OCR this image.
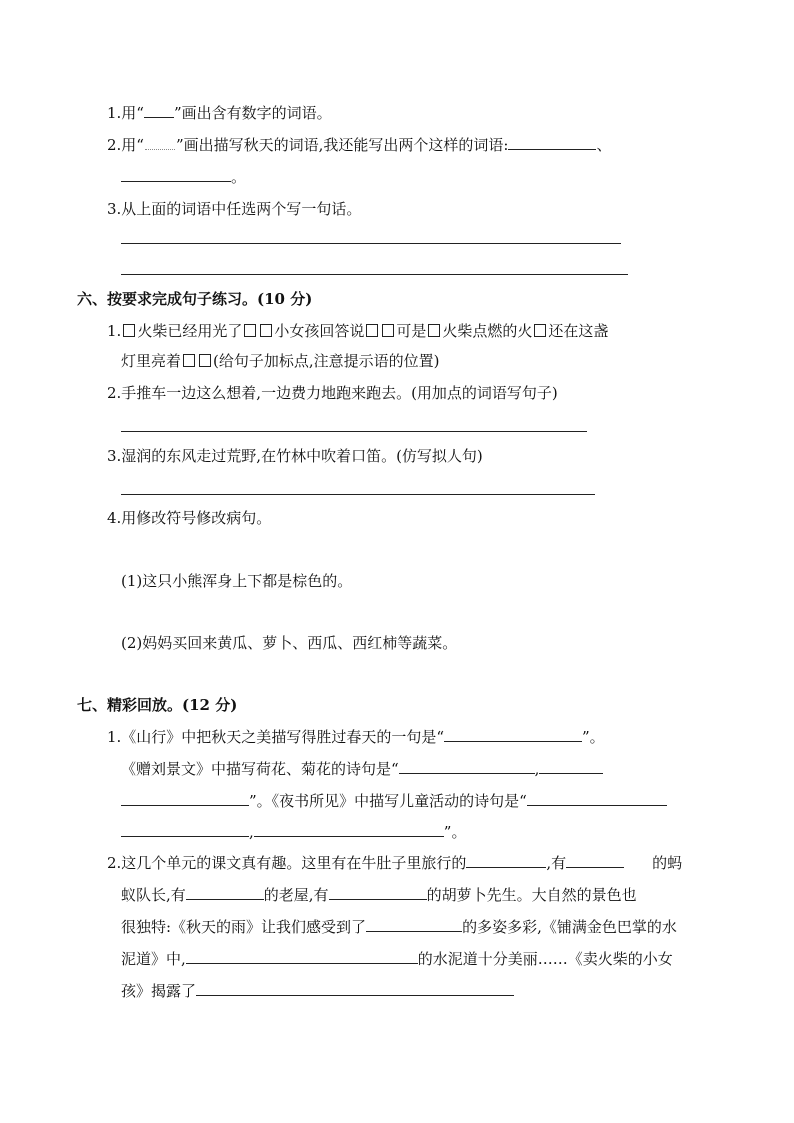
1.用“ ”画出含有数字的词语。
2.用“ ”画出描写秋天的词语,我还能写出两个这样的词语:	、
。
3.从上面的词语中任选两个写一句话。
六、按要求完成句子练习。(10 分)
1. 火柴已经用光了 小女孩回答说 可是 火柴点燃的火 还在这盏
灯里亮着 (给句子加标点,注意提示语的位置)
2.手推车一边这么想着,一边费力地跑来跑去。(用加点的词语写句子)
3.湿润的东风走过荒野,在竹林中吹着口笛。(仿写拟人句)
4.用修改符号修改病句。
(1)这只小熊浑身上下都是棕色的。
(2)妈妈买回来黄瓜、萝卜、西瓜、西红柿等蔬菜。
七、精彩回放。(12 分)
1.《山行》中把秋天之美描写得胜过春天的一句是“	”。
《赠刘景文》中描写荷花、菊花的诗句是“	,
”。《夜书所见》中描写儿童活动的诗句是“
,	”。
2.这几个单元的课文真有趣。这里有在牛肚子里旅行的	,有	的蚂
蚁队长,有	的老屋,有	的胡萝卜先生。大自然的景色也
很独特:《秋天的雨》让我们感受到了	的多姿多彩,《铺满金色巴掌的水
泥道》中,	的水泥道十分美丽……《卖火柴的小女
孩》揭露了
